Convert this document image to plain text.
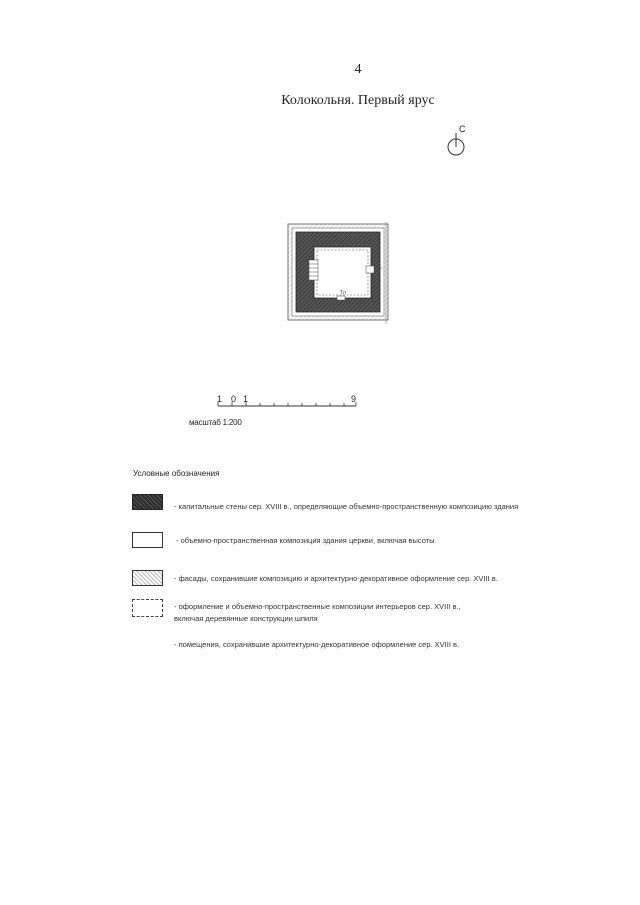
4
Колокольня. Первый ярус
С
Тл
1 0 1	9
масштаб 1:200
Условные обозначения
- капитальные стены сер. XVIII в., определяющие объемно-пространственную композицию здания
- объемно-пространственная композиция здания церкви, включая высоты
- фасады, сохранившие композицию и архитектурно-декоративное оформление сер. XVIII в.
- оформление и объемно-пространственные композиции интерьеров сер. XVIII в.,
включая деревянные конструкции шпиля
- помещения, сохранившие архитектурно-декоративное оформление сер. XVIII в.
